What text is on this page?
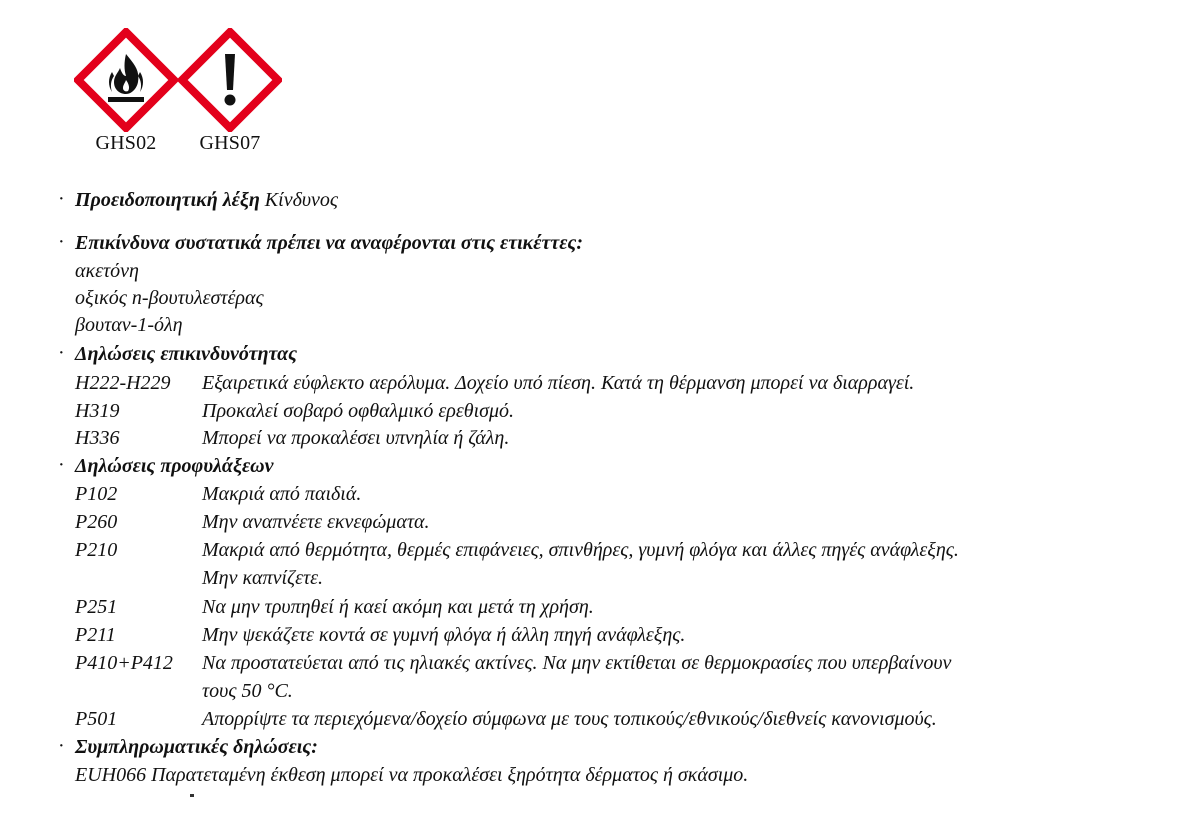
GHS02	GHS07
· Προειδοποιητική λέξη Κίνδυνος
· Επικίνδυνα συστατικά πρέπει να αναφέρονται στις ετικέττες:
ακετόνη
οξικός n-βουτυλεστέρας
βουταν-1-όλη
· Δηλώσεις επικινδυνότητας
H222-H229 Εξαιρετικά εύφλεκτο αερόλυμα. Δοχείο υπό πίεση. Κατά τη θέρμανση μπορεί να διαρραγεί.
H319	Προκαλεί σοβαρό οφθαλμικό ερεθισμό.
H336	Μπορεί να προκαλέσει υπνηλία ή ζάλη.
· Δηλώσεις προφυλάξεων
P102	Μακριά από παιδιά.
P260	Μην αναπνέετε εκνεφώματα.
P210	Μακριά από θερμότητα, θερμές επιφάνειες, σπινθήρες, γυμνή φλόγα και άλλες πηγές ανάφλεξης.
Μην καπνίζετε.
P251	Να μην τρυπηθεί ή καεί ακόμη και μετά τη χρήση.
P211	Μην ψεκάζετε κοντά σε γυμνή φλόγα ή άλλη πηγή ανάφλεξης.
P410+P412 Να προστατεύεται από τις ηλιακές ακτίνες. Να μην εκτίθεται σε θερμοκρασίες που υπερβαίνουν
τους 50 °C.
P501	Απορρίψτε τα περιεχόμενα/δοχείο σύμφωνα με τους τοπικούς/εθνικούς/διεθνείς κανονισμούς.
· Συμπληρωματικές δηλώσεις:
EUH066 Παρατεταμένη έκθεση μπορεί να προκαλέσει ξηρότητα δέρματος ή σκάσιμο.
